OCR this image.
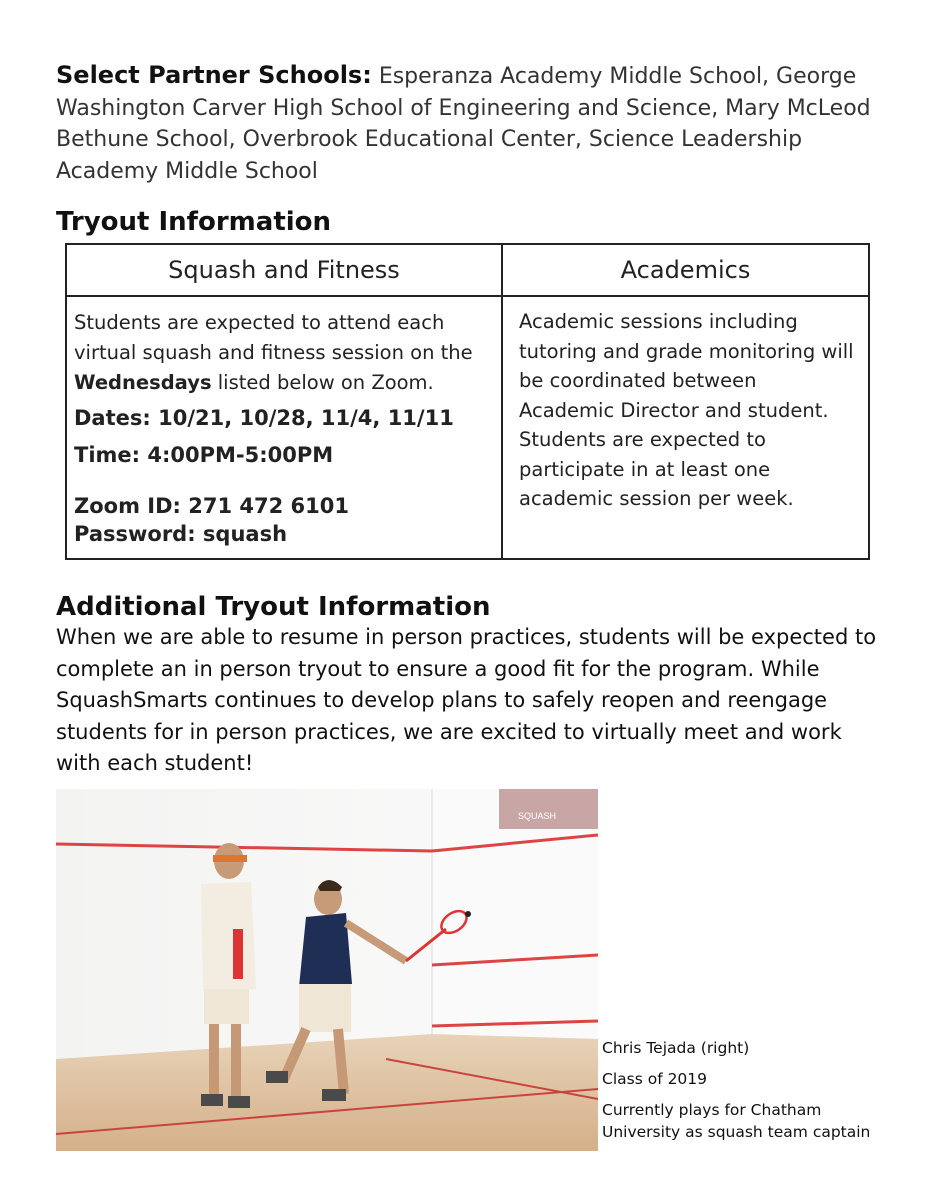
Select Partner Schools: Esperanza Academy Middle School, George Washington Carver High School of Engineering and Science, Mary McLeod Bethune School, Overbrook Educational Center, Science Leadership Academy Middle School
Tryout Information
Squash and Fitness	Academics

Students are expected to attend each virtual squash and fitness session on the Wednesdays listed below on Zoom.
Dates: 10/21, 10/28, 11/4, 11/11
Time: 4:00PM-5:00PM
Zoom ID: 271 472 6101
Password: squash	Academic sessions including tutoring and grade monitoring will be coordinated between Academic Director and student. Students are expected to participate in at least one academic session per week.
Additional Tryout Information
When we are able to resume in person practices, students will be expected to complete an in person tryout to ensure a good fit for the program. While SquashSmarts continues to develop plans to safely reopen and reengage students for in person practices, we are excited to virtually meet and work with each student!
SQUASH
Chris Tejada (right)
Class of 2019
Currently plays for Chatham University as squash team captain
